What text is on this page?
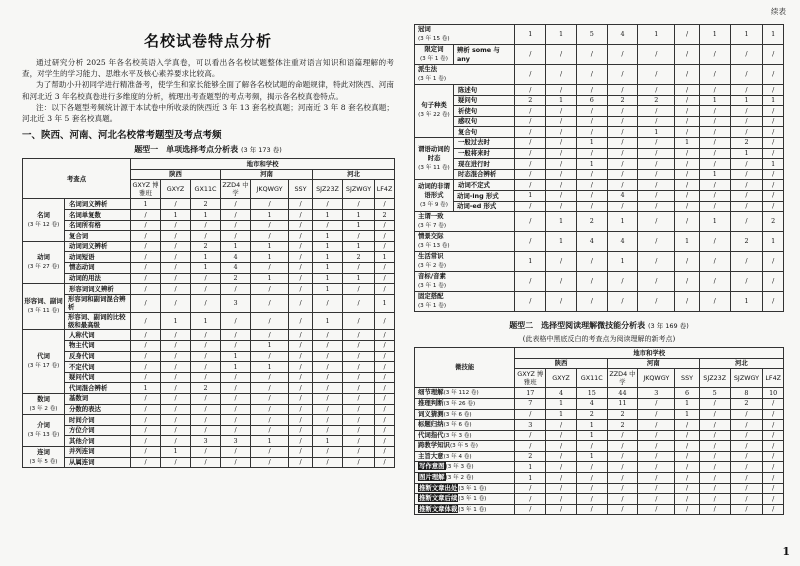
名校试卷特点分析

通过研究分析 2025 年各名校英语入学真卷，可以看出各名校试题整体注重对语言知识和语篇理解的考查，对学生的学习能力、思维水平及核心素养要求比较高。

为了帮助小升初同学进行精准备考，使学生和家长能够全面了解各名校试题的命题规律，特此对陕西、河南和河北近 3 年名校真卷进行多维度的分析，梳理出考查题型的考点考频，揭示各名校真卷特点。

注：以下各题型考频统计源于本试卷中所收录的陕西近 3 年 13 套名校真题；河南近 3 年 8 套名校真题；河北近 3 年 5 套名校真题。

一、陕西、河南、河北名校常考题型及考点考频
题型一　单项选择考点分析表 (3 年 173 卷)
考查点		地市和学校								
		陕西			河南			河北		
		GXYZ 博雅班	GXYZ	GX11C	ZZD4 中学	JKQWGY	SSY	SJZ23Z	SJZWGY	LF4Z
名词
(3 年 12 卷)	名词词义辨析	1	/	2	/	/	/	/	/	/
	名词单复数	/	1	1	/	1	/	1	1	2
	名词所有格	/	/	/	/	/	/	/	1	/
	复合词	/	/	/	/	/	/	1	/	/
动词
(3 年 27 卷)	动词词义辨析	/	/	2	1	1	/	1	1	/
	动词短语	/	/	1	4	1	/	1	2	1
	情态动词	/	/	1	4	/	/	1	/	/
	动词的用法	/	/	/	2	1	/	1	1	/
形容词、副词
(3 年 11 卷)	形容词词义辨析	/	/	/	/	/	/	1	/	/
	形容词和副词混合辨析	/	/	/	3	/	/	/	/	1
	形容词、副词的比较级和最高级	/	1	1	/	/	/	1	/	/
代词
(3 年 17 卷)	人称代词	/	/	/	/	/	/	/	/	/
	物主代词	/	/	/	/	1	/	/	/	/
	反身代词	/	/	/	1	/	/	/	/	/
	不定代词	/	/	/	1	1	/	/	/	/
	疑问代词	/	/	/	/	/	/	/	/	/
	代词混合辨析	1	/	2	/	/	/	/	/	/
数词
(3 年 2 卷)	基数词	/	/	/	/	/	/	/	/	/
	分数的表达	/	/	/	/	/	/	/	/	/
介词
(3 年 13 卷)	时间介词	/	/	/	/	/	/	/	/	/
	方位介词	/	/	/	/	/	/	/	/	/
	其他介词	/	/	3	3	1	/	1	/	/
连词
(3 年 5 卷)	并列连词	/	1	/	/	/	/	/	/	/
	从属连词	/	/	/	/	/	/	/	/	/
续表
冠词
(3 年 15 卷)		1	1	5	4	1	/	1	1	1
限定词
(3 年 1 卷)	辨析 some 与 any	/	/	/	/	/	/	/	/	/
派生法
(3 年 1 卷)		/	/	/	/	/	/	/	/	/
句子种类
(3 年 22 卷)	陈述句	/	/	/	/	/	/	/	/	/
	疑问句	2	1	6	2	2	/	1	1	1
	祈使句	/	/	/	/	/	/	/	/	/
	感叹句	/	/	/	/	/	/	/	/	/
	复合句	/	/	/	/	1	/	/	/	/
谓语动词的时态
(3 年 11 卷)	一般过去时	/	/	1	/	/	1	/	2	/
	一般将来时	/	/	/	/	/	/	/	1	/
	现在进行时	/	/	1	/	/	/	/	/	1
	时态混合辨析	/	/	/	/	/	/	1	/	/
动词的非谓语形式
(3 年 9 卷)	动词不定式	/	/	/	/	/	/	/	/	/
	动词-ing 形式	1	/	/	4	/	/	/	/	/
	动词-ed 形式	/	/	/	/	/	/	/	/	/
主谓一致
(3 年 7 卷)		/	1	2	1	/	/	1	/	2
情景交际
(3 年 13 卷)		/	1	4	4	/	1	/	2	1
生活常识
(3 年 2 卷)		1	/	/	1	/	/	/	/	/
音标/音素
(3 年 1 卷)		/	/	/	/	/	/	/	/	/
固定搭配
(3 年 1 卷)		/	/	/	/	/	/	/	1	/
题型二　选择型阅读理解微技能分析表 (3 年 169 卷)
(此表格中黑底反白的考查点为阅读理解的新考点)
微技能	地市和学校								
	陕西			河南			河北		
	GXYZ 博雅班	GXYZ	GX11C	ZZD4 中学	JKQWGY	SSY	SJZ23Z	SJZWGY	LF4Z
细节理解(3 年 112 卷)	17	4	15	44	3	6	5	8	10
推理判断(3 年 26 卷)	7	1	4	11	/	1	/	2	/
词义猜测(3 年 6 卷)	/	1	2	2	/	1	/	/	/
标题归纳(3 年 6 卷)	3	/	1	2	/	/	/	/	/
代词指代(3 年 3 卷)	/	/	1	/	/	/	/	/	/
跨教学知识(3 年 5 卷)	/	/	/	/	/	/	/	/	/
主旨大意(3 年 4 卷)	2	/	1	/	/	/	/	/	/
写作意图(3 年 3 卷)	1	/	/	/	/	/	/	/	/
图片理解(3 年 2 卷)	1	/	/	/	/	/	/	/	/
推断文章出处(3 年 1 卷)	/	/	/	/	/	/	/	/	/
推断文章后续(3 年 1 卷)	/	/	/	/	/	/	/	/	/
推断文章体裁(3 年 1 卷)	/	/	/	/	/	/	/	/	/
1
